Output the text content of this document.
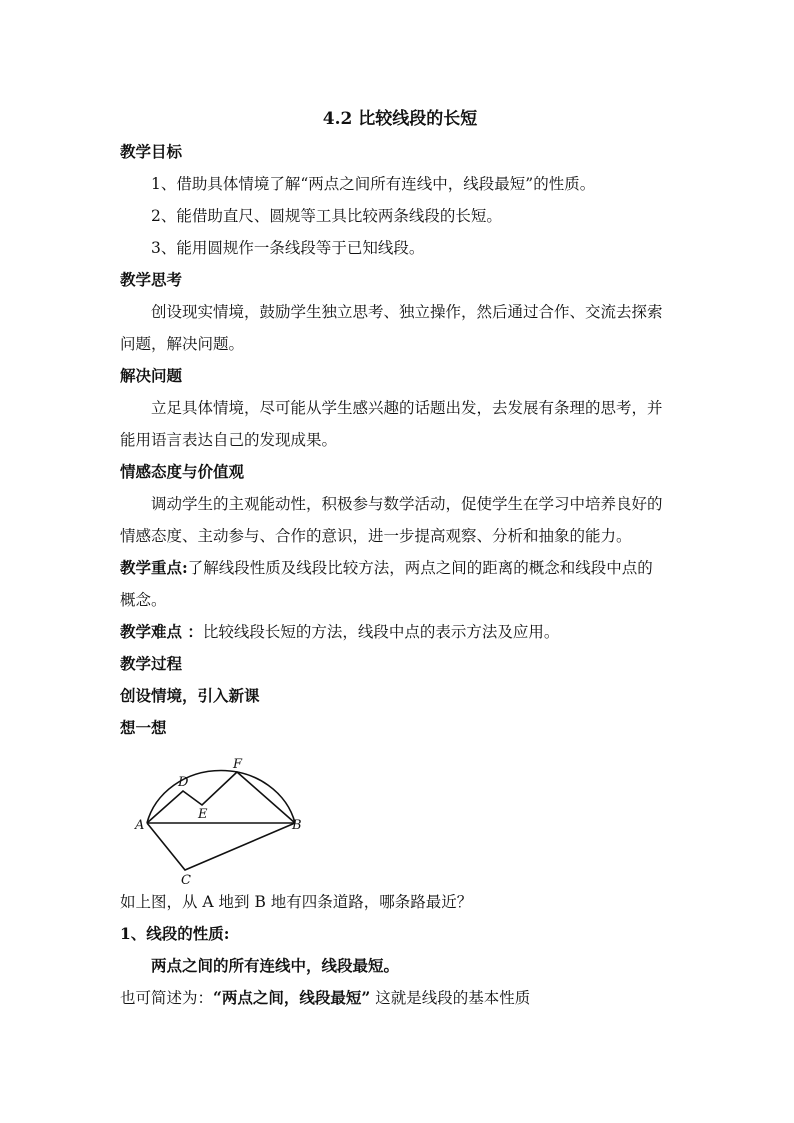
4.2 比较线段的长短
教学目标
1、借助具体情境了解“两点之间所有连线中，线段最短”的性质。
2、能借助直尺、圆规等工具比较两条线段的长短。
3、能用圆规作一条线段等于已知线段。
教学思考
创设现实情境，鼓励学生独立思考、独立操作，然后通过合作、交流去探索
问题，解决问题。
解决问题
立足具体情境，尽可能从学生感兴趣的话题出发，去发展有条理的思考，并
能用语言表达自己的发现成果。
情感态度与价值观
调动学生的主观能动性，积极参与数学活动，促使学生在学习中培养良好的
情感态度、主动参与、合作的意识，进一步提高观察、分析和抽象的能力。
教学重点:了解线段性质及线段比较方法，两点之间的距离的概念和线段中点的
概念。
教学难点 ：比较线段长短的方法，线段中点的表示方法及应用。
教学过程
创设情境，引入新课
想一想
A	B
C
D
E
F
如上图，从 A 地到 B 地有四条道路，哪条路最近？
1、线段的性质:
两点之间的所有连线中，线段最短。
也可简述为：“两点之间，线段最短” 这就是线段的基本性质
